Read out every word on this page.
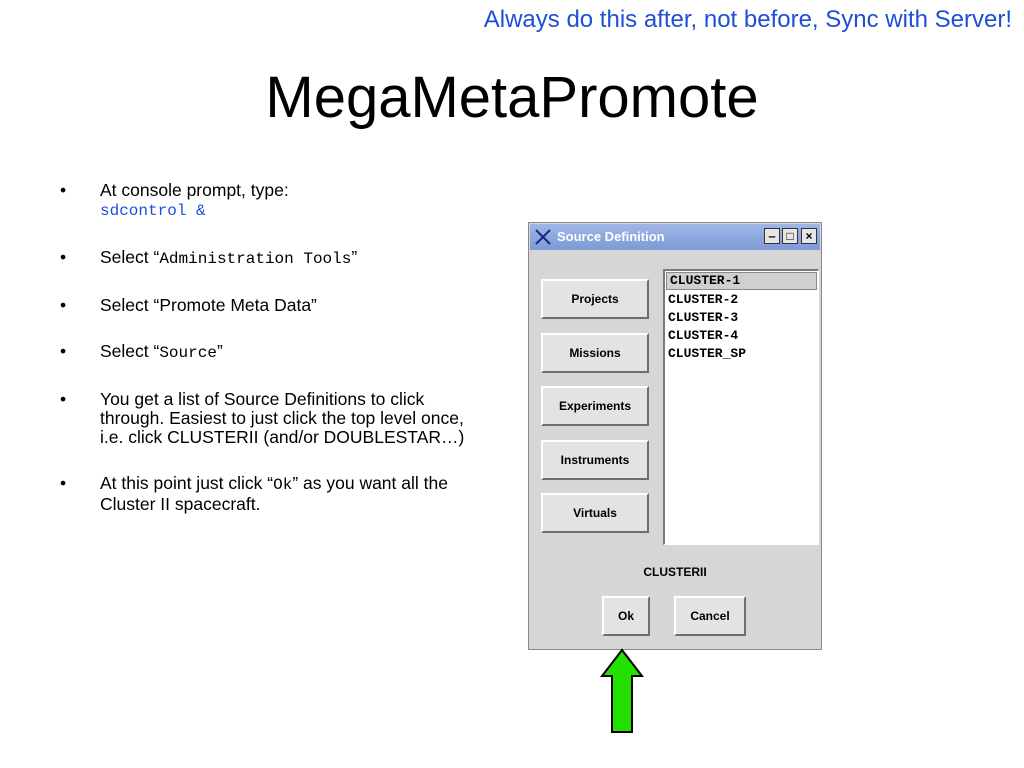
Always do this after, not before, Sync with Server!
MegaMetaPromote
• At console prompt, type:
sdcontrol &
• Select “Administration Tools”
• Select “Promote Meta Data”
• Select “Source”
• You get a list of Source Definitions to click through. Easiest to just click the top level once, i.e. click CLUSTERII (and/or DOUBLESTAR…)
• At this point just click “Ok” as you want all the Cluster II spacecraft.
Source Definition	‒ □ ×
Projects
Missions
Experiments
Instruments
Virtuals
CLUSTER-1
CLUSTER-2
CLUSTER-3
CLUSTER-4
CLUSTER_SP
CLUSTERII
Ok	Cancel
